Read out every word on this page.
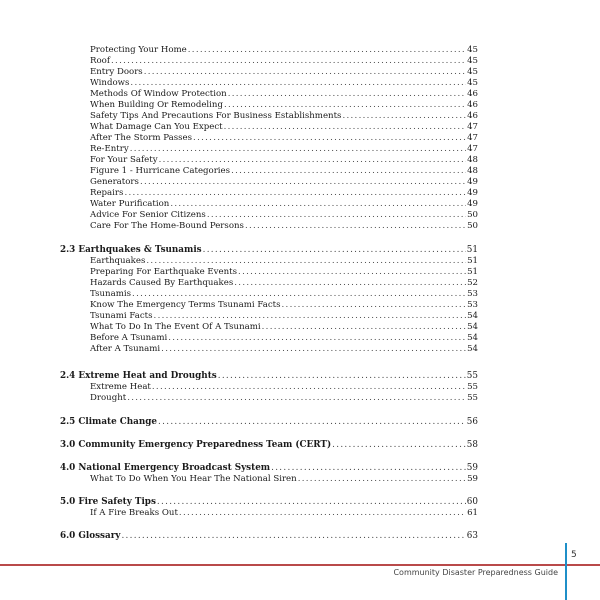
Protecting Your Home .....	45
Roof .....	45
Entry Doors .....	45
Windows .....	45
Methods Of Window Protection .....	46
When Building Or Remodeling .....	46
Safety Tips And Precautions For Business Establishments .....	46
What Damage Can You Expect .....	47
After The Storm Passes .....	47
Re-Entry .....	47
For Your Safety .....	48
Figure 1 - Hurricane Categories .....	48
Generators .....	49
Repairs .....	49
Water Purification .....	49
Advice For Senior Citizens .....	50
Care For The Home-Bound Persons .....	50
2.3 Earthquakes & Tsunamis .....	51
Earthquakes .....	51
Preparing For Earthquake Events .....	51
Hazards Caused By Earthquakes .....	52
Tsunamis .....	53
Know The Emergency Terms Tsunami Facts .....	53
Tsunami Facts .....	54
What To Do In The Event Of A Tsunami .....	54
Before A Tsunami .....	54
After A Tsunami .....	54
2.4 Extreme Heat and Droughts .....	55
Extreme Heat .....	55
Drought .....	55
2.5 Climate Change .....	56
3.0 Community Emergency Preparedness Team (CERT) .....	58
4.0 National Emergency Broadcast System .....	59
What To Do When You Hear The National Siren .....	59
5.0 Fire Safety Tips .....	60
If A Fire Breaks Out .....	61
6.0 Glossary .....	63
5
Community Disaster Preparedness Guide
